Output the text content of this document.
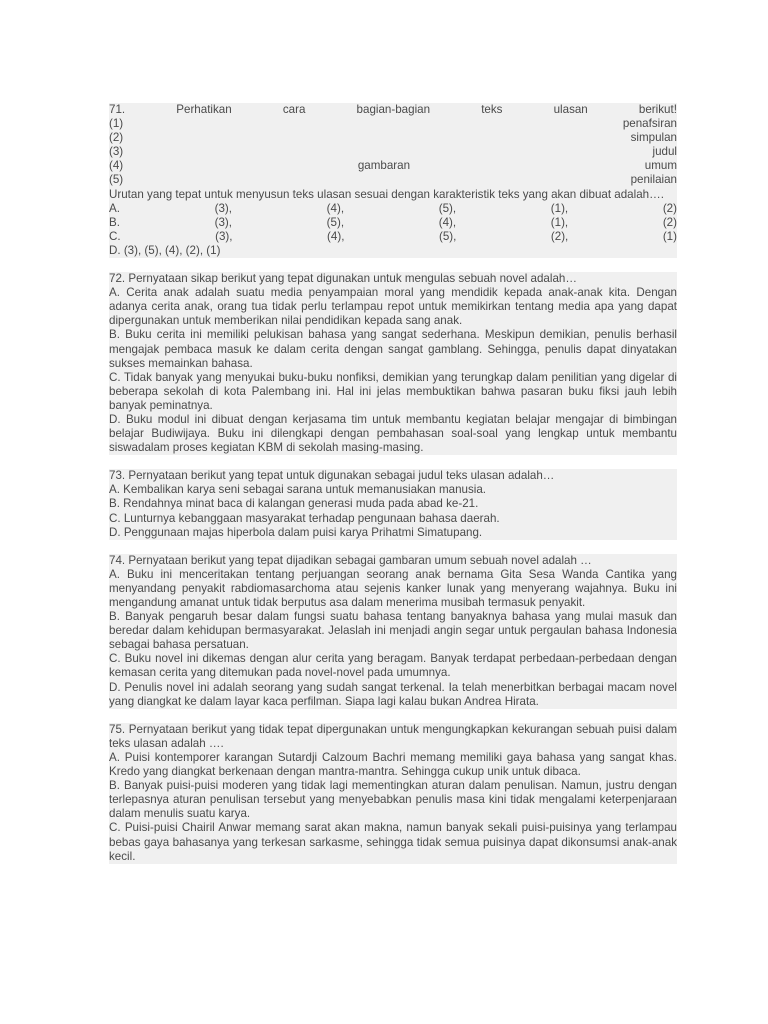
71.	Perhatikan	cara	bagian-bagian	teks	ulasan	berikut!
(1)	penafsiran
(2)	simpulan
(3)	judul
(4)	gambaran	umum
(5)	penilaian
Urutan yang tepat untuk menyusun teks ulasan sesuai dengan karakteristik teks yang akan dibuat adalah….
A.	(3),	(4),	(5),	(1),	(2)
B.	(3),	(5),	(4),	(1),	(2)
C.	(3),	(4),	(5),	(2),	(1)
D. (3), (5), (4), (2), (1)
72. Pernyataan sikap berikut yang tepat digunakan untuk mengulas sebuah novel adalah…
A. Cerita anak adalah suatu media penyampaian moral yang mendidik kepada anak-anak kita. Dengan adanya cerita anak, orang tua tidak perlu terlampau repot untuk memikirkan tentang media apa yang dapat dipergunakan untuk memberikan nilai pendidikan kepada sang anak.
B. Buku cerita ini memiliki pelukisan bahasa yang sangat sederhana. Meskipun demikian, penulis berhasil mengajak pembaca masuk ke dalam cerita dengan sangat gamblang. Sehingga, penulis dapat dinyatakan sukses memainkan bahasa.
C. Tidak banyak yang menyukai buku-buku nonfiksi, demikian yang terungkap dalam penilitian yang digelar di beberapa sekolah di kota Palembang ini. Hal ini jelas membuktikan bahwa pasaran buku fiksi jauh lebih banyak peminatnya.
D. Buku modul ini dibuat dengan kerjasama tim untuk membantu kegiatan belajar mengajar di bimbingan belajar Budiwijaya. Buku ini dilengkapi dengan pembahasan soal-soal yang lengkap untuk membantu siswadalam proses kegiatan KBM di sekolah masing-masing.
73. Pernyataan berikut yang tepat untuk digunakan sebagai judul teks ulasan adalah…
A. Kembalikan karya seni sebagai sarana untuk memanusiakan manusia.
B. Rendahnya minat baca di kalangan generasi muda pada abad ke-21.
C. Lunturnya kebanggaan masyarakat terhadap pengunaan bahasa daerah.
D. Penggunaan majas hiperbola dalam puisi karya Prihatmi Simatupang.
74. Pernyataan berikut yang tepat dijadikan sebagai gambaran umum sebuah novel adalah …
A. Buku ini menceritakan tentang perjuangan seorang anak bernama Gita Sesa Wanda Cantika yang menyandang penyakit rabdiomasarchoma atau sejenis kanker lunak yang menyerang wajahnya. Buku ini mengandung amanat untuk tidak berputus asa dalam menerima musibah termasuk penyakit.
B. Banyak pengaruh besar dalam fungsi suatu bahasa tentang banyaknya bahasa yang mulai masuk dan beredar dalam kehidupan bermasyarakat. Jelaslah ini menjadi angin segar untuk pergaulan bahasa Indonesia sebagai bahasa persatuan.
C. Buku novel ini dikemas dengan alur cerita yang beragam. Banyak terdapat perbedaan-perbedaan dengan kemasan cerita yang ditemukan pada novel-novel pada umumnya.
D. Penulis novel ini adalah seorang yang sudah sangat terkenal. Ia telah menerbitkan berbagai macam novel yang diangkat ke dalam layar kaca perfilman. Siapa lagi kalau bukan Andrea Hirata.
75. Pernyataan berikut yang tidak tepat dipergunakan untuk mengungkapkan kekurangan sebuah puisi dalam teks ulasan adalah ….
A. Puisi kontemporer karangan Sutardji Calzoum Bachri memang memiliki gaya bahasa yang sangat khas. Kredo yang diangkat berkenaan dengan mantra-mantra. Sehingga cukup unik untuk dibaca.
B. Banyak puisi-puisi moderen yang tidak lagi mementingkan aturan dalam penulisan. Namun, justru dengan terlepasnya aturan penulisan tersebut yang menyebabkan penulis masa kini tidak mengalami keterpenjaraan dalam menulis suatu karya.
C. Puisi-puisi Chairil Anwar memang sarat akan makna, namun banyak sekali puisi-puisinya yang terlampau bebas gaya bahasanya yang terkesan sarkasme, sehingga tidak semua puisinya dapat dikonsumsi anak-anak kecil.
